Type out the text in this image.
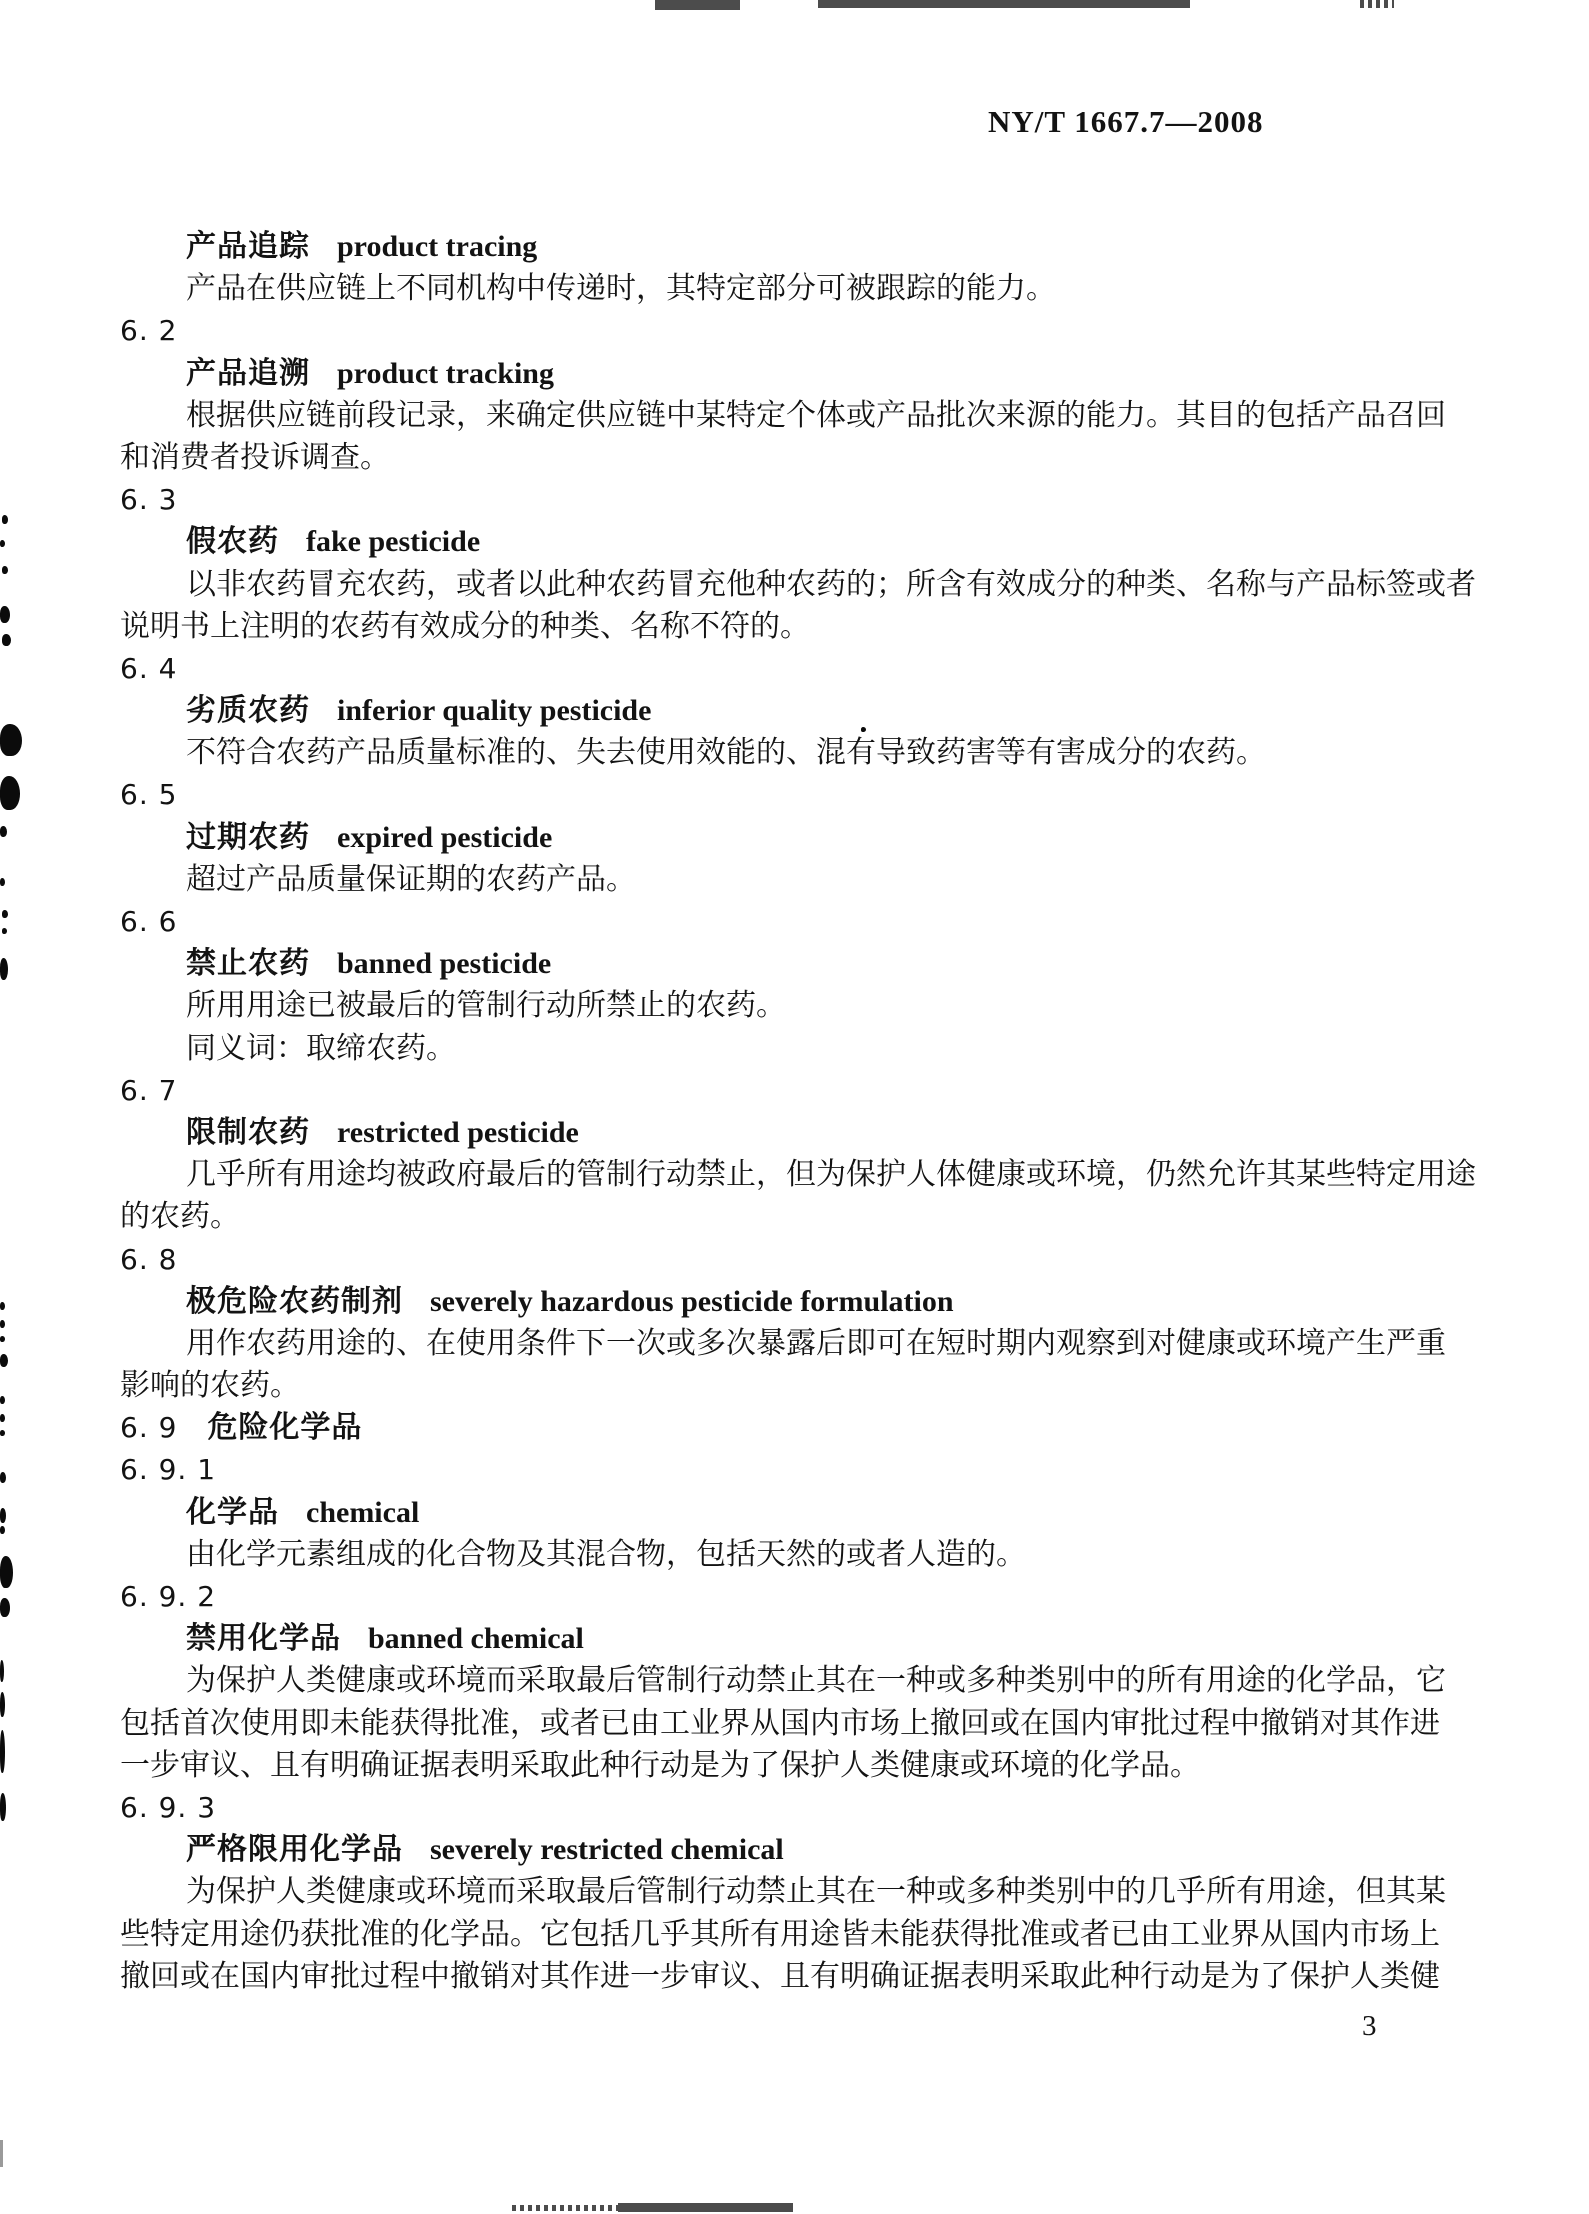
NY/T 1667.7—2008
产品追踪 product tracing
产品在供应链上不同机构中传递时，其特定部分可被跟踪的能力。
6. 2
产品追溯 product tracking
根据供应链前段记录，来确定供应链中某特定个体或产品批次来源的能力。其目的包括产品召回
和消费者投诉调查。
6. 3
假农药 fake pesticide
以非农药冒充农药，或者以此种农药冒充他种农药的；所含有效成分的种类、名称与产品标签或者
说明书上注明的农药有效成分的种类、名称不符的。
6. 4
劣质农药 inferior quality pesticide
不符合农药产品质量标准的、失去使用效能的、混有导致药害等有害成分的农药。
6. 5
过期农药 expired pesticide
超过产品质量保证期的农药产品。
6. 6
禁止农药 banned pesticide
所用用途已被最后的管制行动所禁止的农药。
同义词：取缔农药。
6. 7
限制农药 restricted pesticide
几乎所有用途均被政府最后的管制行动禁止，但为保护人体健康或环境，仍然允许其某些特定用途
的农药。
6. 8
极危险农药制剂 severely hazardous pesticide formulation
用作农药用途的、在使用条件下一次或多次暴露后即可在短时期内观察到对健康或环境产生严重
影响的农药。
6. 9 危险化学品
6. 9. 1
化学品 chemical
由化学元素组成的化合物及其混合物，包括天然的或者人造的。
6. 9. 2
禁用化学品 banned chemical
为保护人类健康或环境而采取最后管制行动禁止其在一种或多种类别中的所有用途的化学品，它
包括首次使用即未能获得批准，或者已由工业界从国内市场上撤回或在国内审批过程中撤销对其作进
一步审议、且有明确证据表明采取此种行动是为了保护人类健康或环境的化学品。
6. 9. 3
严格限用化学品 severely restricted chemical
为保护人类健康或环境而采取最后管制行动禁止其在一种或多种类别中的几乎所有用途，但其某
些特定用途仍获批准的化学品。它包括几乎其所有用途皆未能获得批准或者已由工业界从国内市场上
撤回或在国内审批过程中撤销对其作进一步审议、且有明确证据表明采取此种行动是为了保护人类健
3
